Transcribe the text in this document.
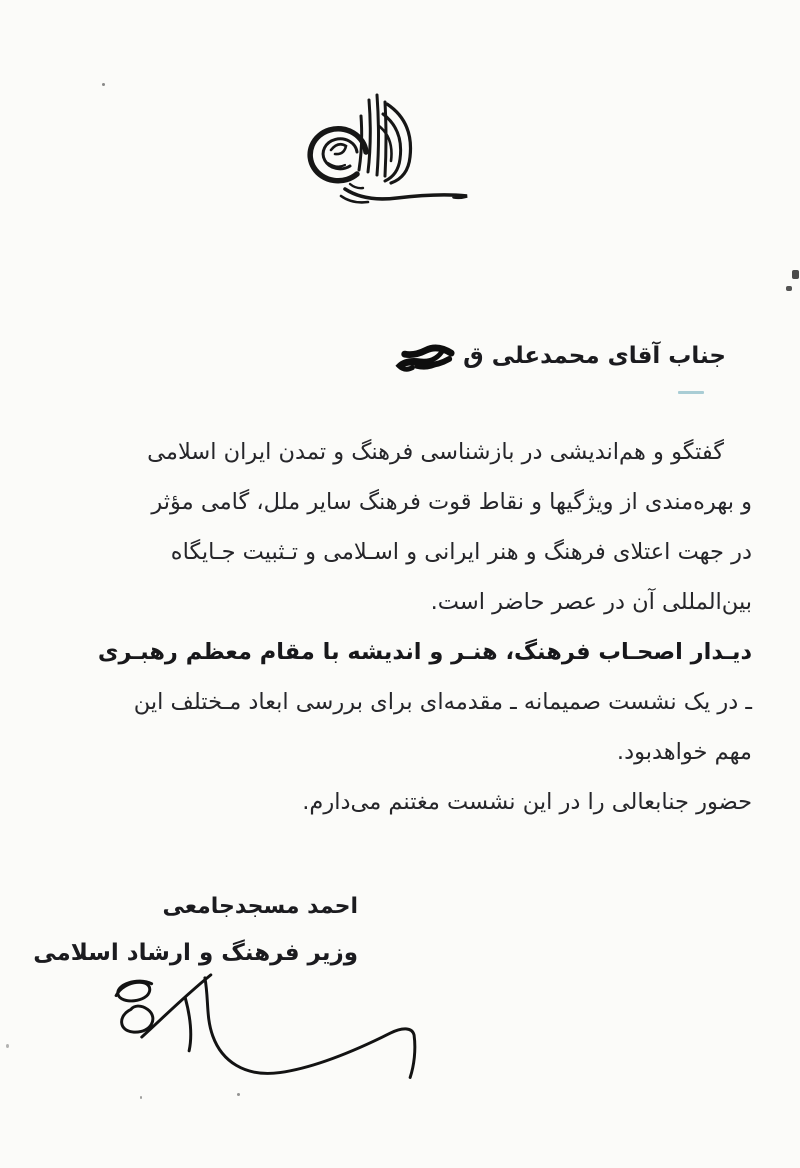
جناب آقای محمدعلی ق
گفتگو و هم‌اندیشی در بازشناسی فرهنگ و تمدن ایران اسلامی
و بهره‌مندی از ویژگیها و نقاط قوت فرهنگ سایر ملل، گامی مؤثر
در جهت اعتلای فرهنگ و هنر ایرانی و اسـلامی و تـثبیت جـایگاه
بین‌المللی آن در عصر حاضر است.
دیـدار اصحـاب فرهنگ، هنـر و اندیشه با مقام معظم رهبـری
ـ در یک نشست صمیمانه ـ مقدمه‌ای برای بررسی ابعاد مـختلف این
مهم خواهدبود.
حضور جنابعالی را در این نشست مغتنم می‌دارم.
احمد مسجدجامعی
وزیر فرهنگ و ارشاد اسلامی
